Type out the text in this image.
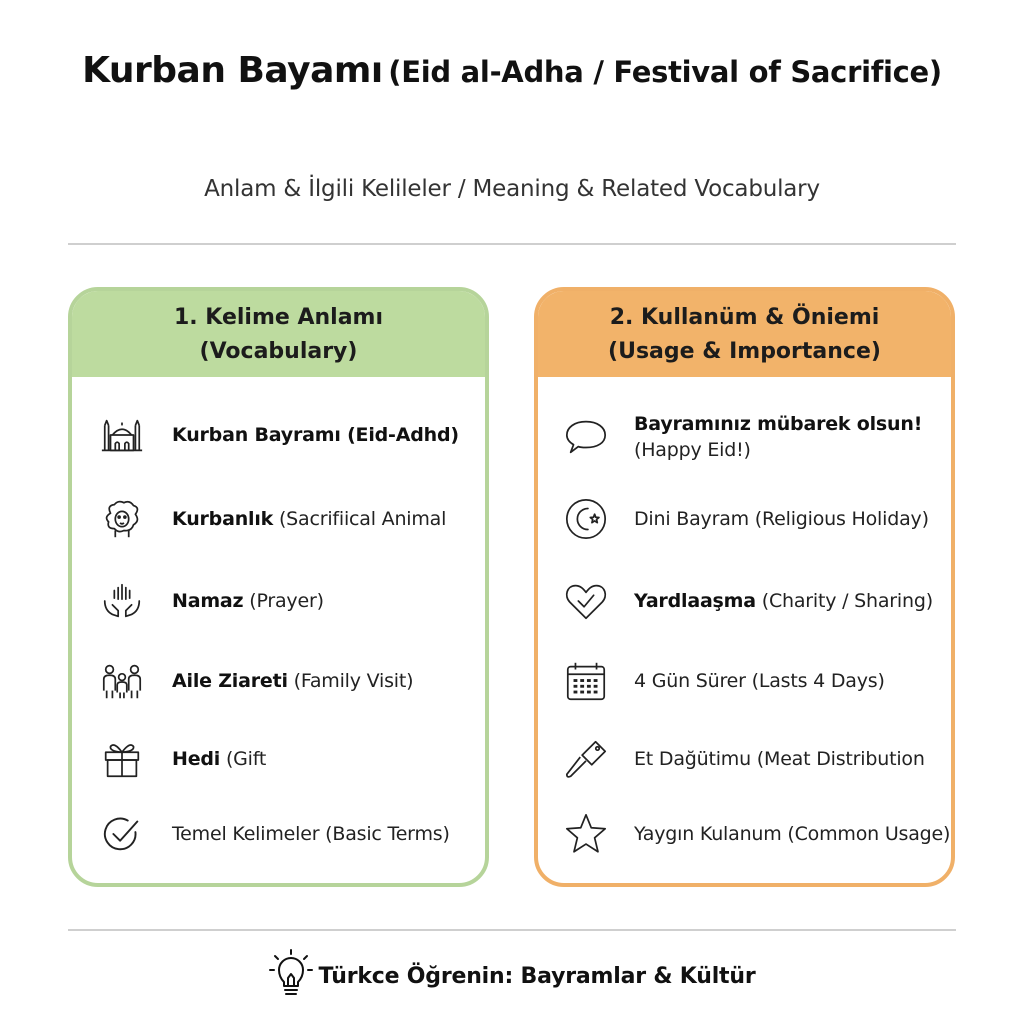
Kurban Bayamı (Eid al-Adha / Festival of Sacrifice)
Anlam & İlgili Kelileler / Meaning & Related Vocabulary
1. Kelime Anlamı
(Vocabulary)
Kurban Bayramı (Eid-Adhd)
Kurbanlık (Sacrifiical Animal
Namaz (Prayer)
Aile Ziareti (Family Visit)
Hedi (Gift
Temel Kelimeler (Basic Terms)
2. Kullanüm & Öniemi
(Usage & Importance)
Bayramınız mübarek olsun!
(Happy Eid!)
Dini Bayram (Religious Holiday)
Yardlaaşma (Charity / Sharing)
4 Gün Sürer (Lasts 4 Days)
Et Dağütimu (Meat Distribution
Yaygın Kulanum (Common Usage)
Türkce Öğrenin: Bayramlar & Kültür
